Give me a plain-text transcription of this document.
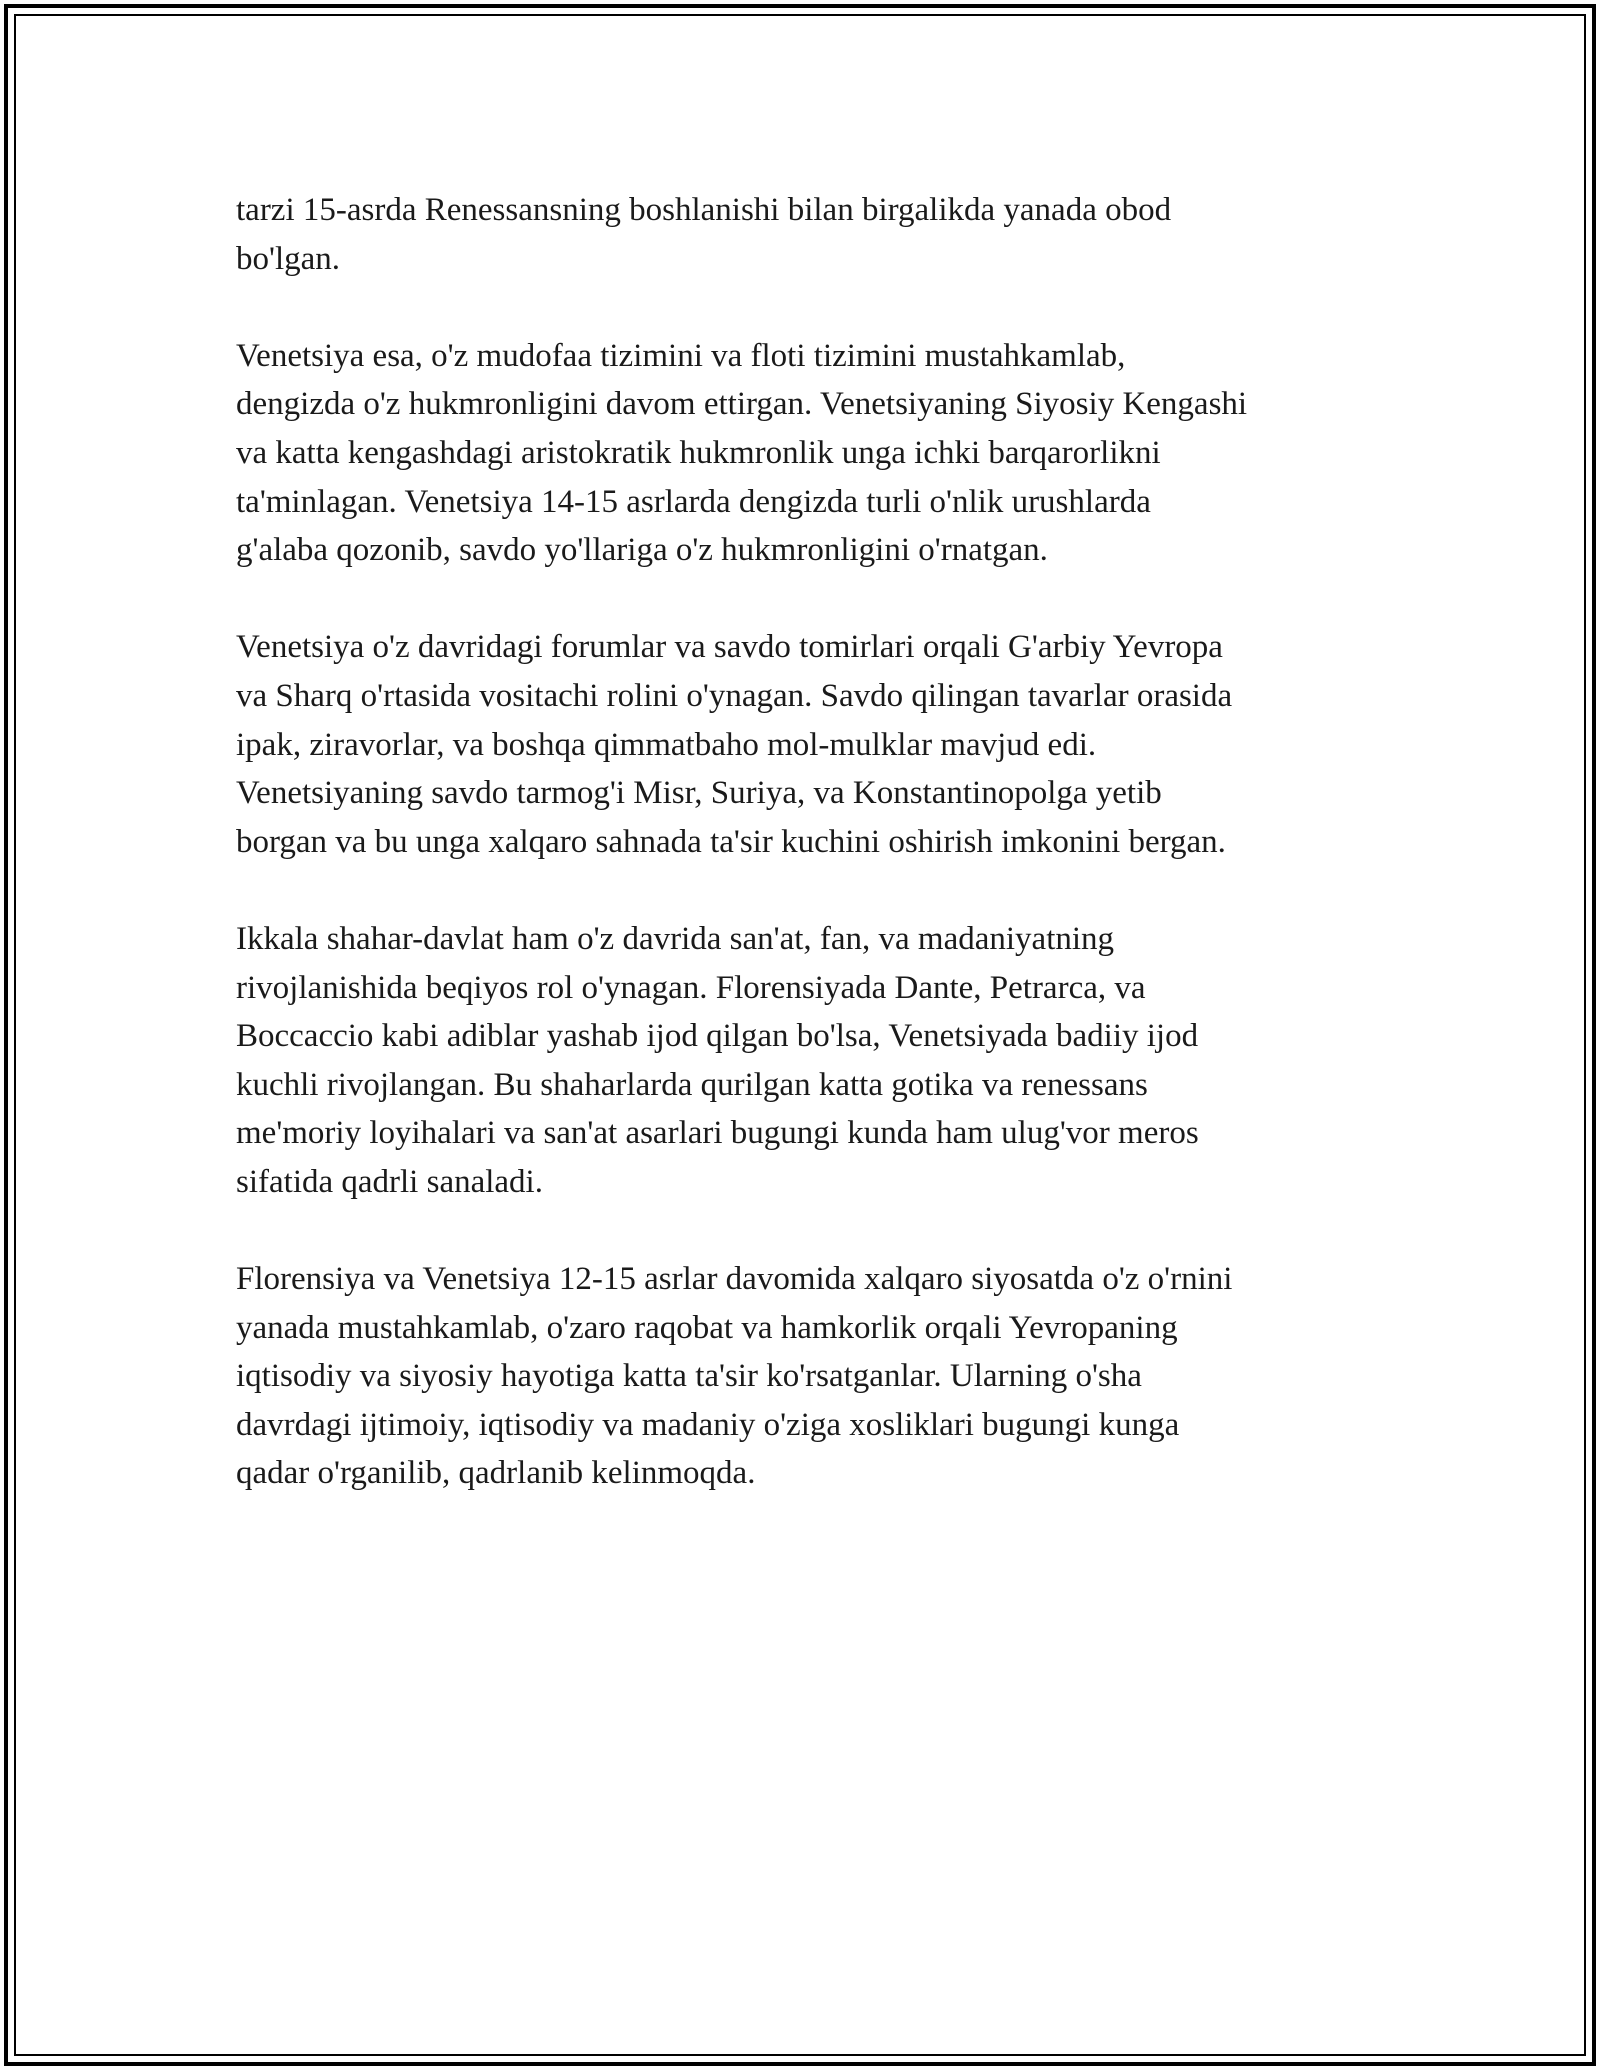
tarzi 15-asrda Renessansning boshlanishi bilan birgalikda yanada obod
bo'lgan.

Venetsiya esa, o'z mudofaa tizimini va floti tizimini mustahkamlab,
dengizda o'z hukmronligini davom ettirgan. Venetsiyaning Siyosiy Kengashi
va katta kengashdagi aristokratik hukmronlik unga ichki barqarorlikni
ta'minlagan. Venetsiya 14-15 asrlarda dengizda turli o'nlik urushlarda
g'alaba qozonib, savdo yo'llariga o'z hukmronligini o'rnatgan.

Venetsiya o'z davridagi forumlar va savdo tomirlari orqali G'arbiy Yevropa
va Sharq o'rtasida vositachi rolini o'ynagan. Savdo qilingan tavarlar orasida
ipak, ziravorlar, va boshqa qimmatbaho mol-mulklar mavjud edi.
Venetsiyaning savdo tarmog'i Misr, Suriya, va Konstantinopolga yetib
borgan va bu unga xalqaro sahnada ta'sir kuchini oshirish imkonini bergan.

Ikkala shahar-davlat ham o'z davrida san'at, fan, va madaniyatning
rivojlanishida beqiyos rol o'ynagan. Florensiyada Dante, Petrarca, va
Boccaccio kabi adiblar yashab ijod qilgan bo'lsa, Venetsiyada badiiy ijod
kuchli rivojlangan. Bu shaharlarda qurilgan katta gotika va renessans
me'moriy loyihalari va san'at asarlari bugungi kunda ham ulug'vor meros
sifatida qadrli sanaladi.

Florensiya va Venetsiya 12-15 asrlar davomida xalqaro siyosatda o'z o'rnini
yanada mustahkamlab, o'zaro raqobat va hamkorlik orqali Yevropaning
iqtisodiy va siyosiy hayotiga katta ta'sir ko'rsatganlar. Ularning o'sha
davrdagi ijtimoiy, iqtisodiy va madaniy o'ziga xosliklari bugungi kunga
qadar o'rganilib, qadrlanib kelinmoqda.
